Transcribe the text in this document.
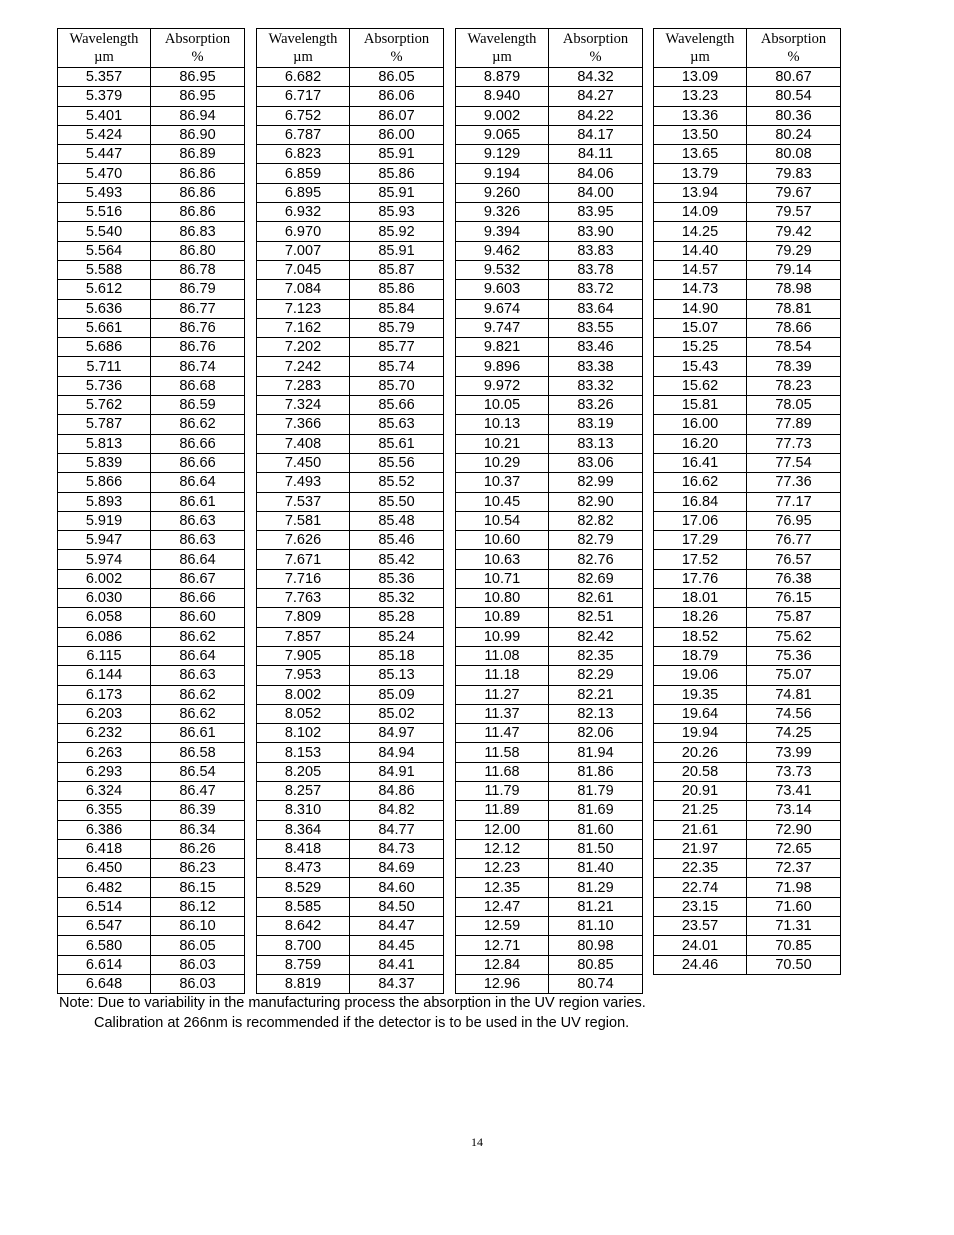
Wavelength
µm	Absorption
%

5.357	86.95
5.379	86.95
5.401	86.94
5.424	86.90
5.447	86.89
5.470	86.86
5.493	86.86
5.516	86.86
5.540	86.83
5.564	86.80
5.588	86.78
5.612	86.79
5.636	86.77
5.661	86.76
5.686	86.76
5.711	86.74
5.736	86.68
5.762	86.59
5.787	86.62
5.813	86.66
5.839	86.66
5.866	86.64
5.893	86.61
5.919	86.63
5.947	86.63
5.974	86.64
6.002	86.67
6.030	86.66
6.058	86.60
6.086	86.62
6.115	86.64
6.144	86.63
6.173	86.62
6.203	86.62
6.232	86.61
6.263	86.58
6.293	86.54
6.324	86.47
6.355	86.39
6.386	86.34
6.418	86.26
6.450	86.23
6.482	86.15
6.514	86.12
6.547	86.10
6.580	86.05
6.614	86.03
6.648	86.03
Wavelength
µm	Absorption
%

6.682	86.05
6.717	86.06
6.752	86.07
6.787	86.00
6.823	85.91
6.859	85.86
6.895	85.91
6.932	85.93
6.970	85.92
7.007	85.91
7.045	85.87
7.084	85.86
7.123	85.84
7.162	85.79
7.202	85.77
7.242	85.74
7.283	85.70
7.324	85.66
7.366	85.63
7.408	85.61
7.450	85.56
7.493	85.52
7.537	85.50
7.581	85.48
7.626	85.46
7.671	85.42
7.716	85.36
7.763	85.32
7.809	85.28
7.857	85.24
7.905	85.18
7.953	85.13
8.002	85.09
8.052	85.02
8.102	84.97
8.153	84.94
8.205	84.91
8.257	84.86
8.310	84.82
8.364	84.77
8.418	84.73
8.473	84.69
8.529	84.60
8.585	84.50
8.642	84.47
8.700	84.45
8.759	84.41
8.819	84.37
Wavelength
µm	Absorption
%

8.879	84.32
8.940	84.27
9.002	84.22
9.065	84.17
9.129	84.11
9.194	84.06
9.260	84.00
9.326	83.95
9.394	83.90
9.462	83.83
9.532	83.78
9.603	83.72
9.674	83.64
9.747	83.55
9.821	83.46
9.896	83.38
9.972	83.32
10.05	83.26
10.13	83.19
10.21	83.13
10.29	83.06
10.37	82.99
10.45	82.90
10.54	82.82
10.60	82.79
10.63	82.76
10.71	82.69
10.80	82.61
10.89	82.51
10.99	82.42
11.08	82.35
11.18	82.29
11.27	82.21
11.37	82.13
11.47	82.06
11.58	81.94
11.68	81.86
11.79	81.79
11.89	81.69
12.00	81.60
12.12	81.50
12.23	81.40
12.35	81.29
12.47	81.21
12.59	81.10
12.71	80.98
12.84	80.85
12.96	80.74
Wavelength
µm	Absorption
%

13.09	80.67
13.23	80.54
13.36	80.36
13.50	80.24
13.65	80.08
13.79	79.83
13.94	79.67
14.09	79.57
14.25	79.42
14.40	79.29
14.57	79.14
14.73	78.98
14.90	78.81
15.07	78.66
15.25	78.54
15.43	78.39
15.62	78.23
15.81	78.05
16.00	77.89
16.20	77.73
16.41	77.54
16.62	77.36
16.84	77.17
17.06	76.95
17.29	76.77
17.52	76.57
17.76	76.38
18.01	76.15
18.26	75.87
18.52	75.62
18.79	75.36
19.06	75.07
19.35	74.81
19.64	74.56
19.94	74.25
20.26	73.99
20.58	73.73
20.91	73.41
21.25	73.14
21.61	72.90
21.97	72.65
22.35	72.37
22.74	71.98
23.15	71.60
23.57	71.31
24.01	70.85
24.46	70.50
Note: Due to variability in the manufacturing process the absorption in the UV region varies.
Calibration at 266nm is recommended if the detector is to be used in the UV region.
14
